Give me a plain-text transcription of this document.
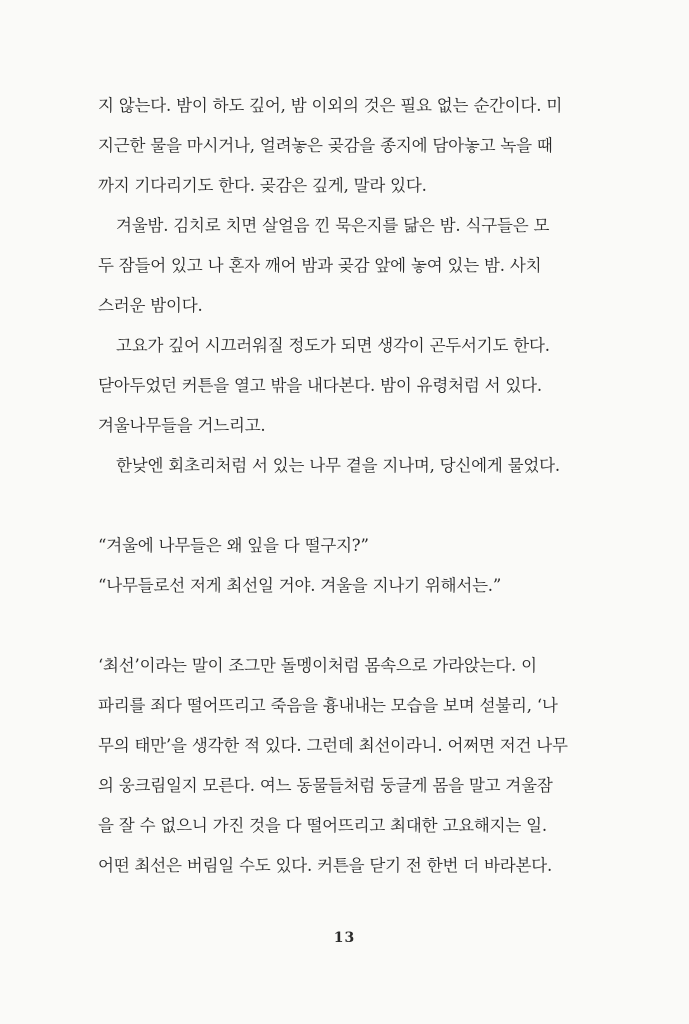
지 않는다. 밤이 하도 깊어, 밤 이외의 것은 필요 없는 순간이다. 미
지근한 물을 마시거나, 얼려놓은 곶감을 종지에 담아놓고 녹을 때
까지 기다리기도 한다. 곶감은 깊게, 말라 있다.
겨울밤. 김치로 치면 살얼음 낀 묵은지를 닮은 밤. 식구들은 모
두 잠들어 있고 나 혼자 깨어 밤과 곶감 앞에 놓여 있는 밤. 사치
스러운 밤이다.
고요가 깊어 시끄러워질 정도가 되면 생각이 곤두서기도 한다.
닫아두었던 커튼을 열고 밖을 내다본다. 밤이 유령처럼 서 있다.
겨울나무들을 거느리고.
한낮엔 회초리처럼 서 있는 나무 곁을 지나며, 당신에게 물었다.
“겨울에 나무들은 왜 잎을 다 떨구지?”
“나무들로선 저게 최선일 거야. 겨울을 지나기 위해서는.”
‘최선’이라는 말이 조그만 돌멩이처럼 몸속으로 가라앉는다. 이
파리를 죄다 떨어뜨리고 죽음을 흉내내는 모습을 보며 섣불리, ‘나
무의 태만’을 생각한 적 있다. 그런데 최선이라니. 어쩌면 저건 나무
의 웅크림일지 모른다. 여느 동물들처럼 둥글게 몸을 말고 겨울잠
을 잘 수 없으니 가진 것을 다 떨어뜨리고 최대한 고요해지는 일.
어떤 최선은 버림일 수도 있다. 커튼을 닫기 전 한번 더 바라본다.
13
